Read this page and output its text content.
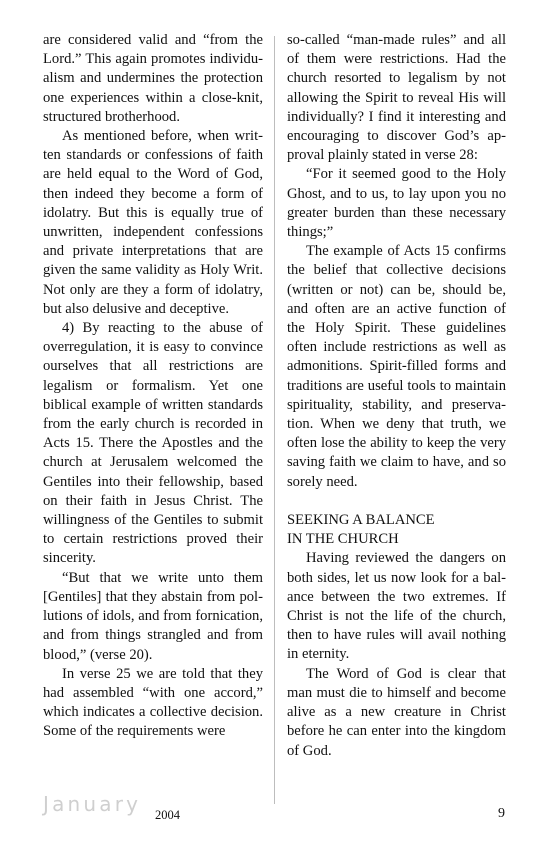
are considered valid and “from the Lord.” This again promotes individualism and undermines the protection one experiences within a close-knit, structured brotherhood.

As mentioned before, when written standards or confessions of faith are held equal to the Word of God, then indeed they become a form of idolatry. But this is equally true of unwritten, independent confessions and private interpretations that are given the same validity as Holy Writ. Not only are they a form of idolatry, but also delusive and deceptive.

4) By reacting to the abuse of overregulation, it is easy to convince ourselves that all restrictions are legalism or formalism. Yet one biblical example of written standards from the early church is recorded in Acts 15. There the Apostles and the church at Jerusalem welcomed the Gentiles into their fellowship, based on their faith in Jesus Christ. The willingness of the Gentiles to submit to certain restrictions proved their sincerity.

“But that we write unto them [Gentiles] that they abstain from pollutions of idols, and from fornication, and from things strangled and from blood,” (verse 20).

In verse 25 we are told that they had assembled “with one accord,” which indicates a collective decision. Some of the requirements were

so-called “man-made rules” and all of them were restrictions. Had the church resorted to legalism by not allowing the Spirit to reveal His will individually? I find it interesting and encouraging to discover God’s approval plainly stated in verse 28:

“For it seemed good to the Holy Ghost, and to us, to lay upon you no greater burden than these necessary things;”

The example of Acts 15 confirms the belief that collective decisions (written or not) can be, should be, and often are an active function of the Holy Spirit. These guidelines often include restrictions as well as admonitions. Spirit-filled forms and traditions are useful tools to maintain spirituality, stability, and preservation. When we deny that truth, we often lose the ability to keep the very saving faith we claim to have, and so sorely need.

SEEKING A BALANCE
IN THE CHURCH

Having reviewed the dangers on both sides, let us now look for a balance between the two extremes. If Christ is not the life of the church, then to have rules will avail nothing in eternity.

The Word of God is clear that man must die to himself and become alive as a new creature in Christ before he can enter into the kingdom of God.

January 2004	9
